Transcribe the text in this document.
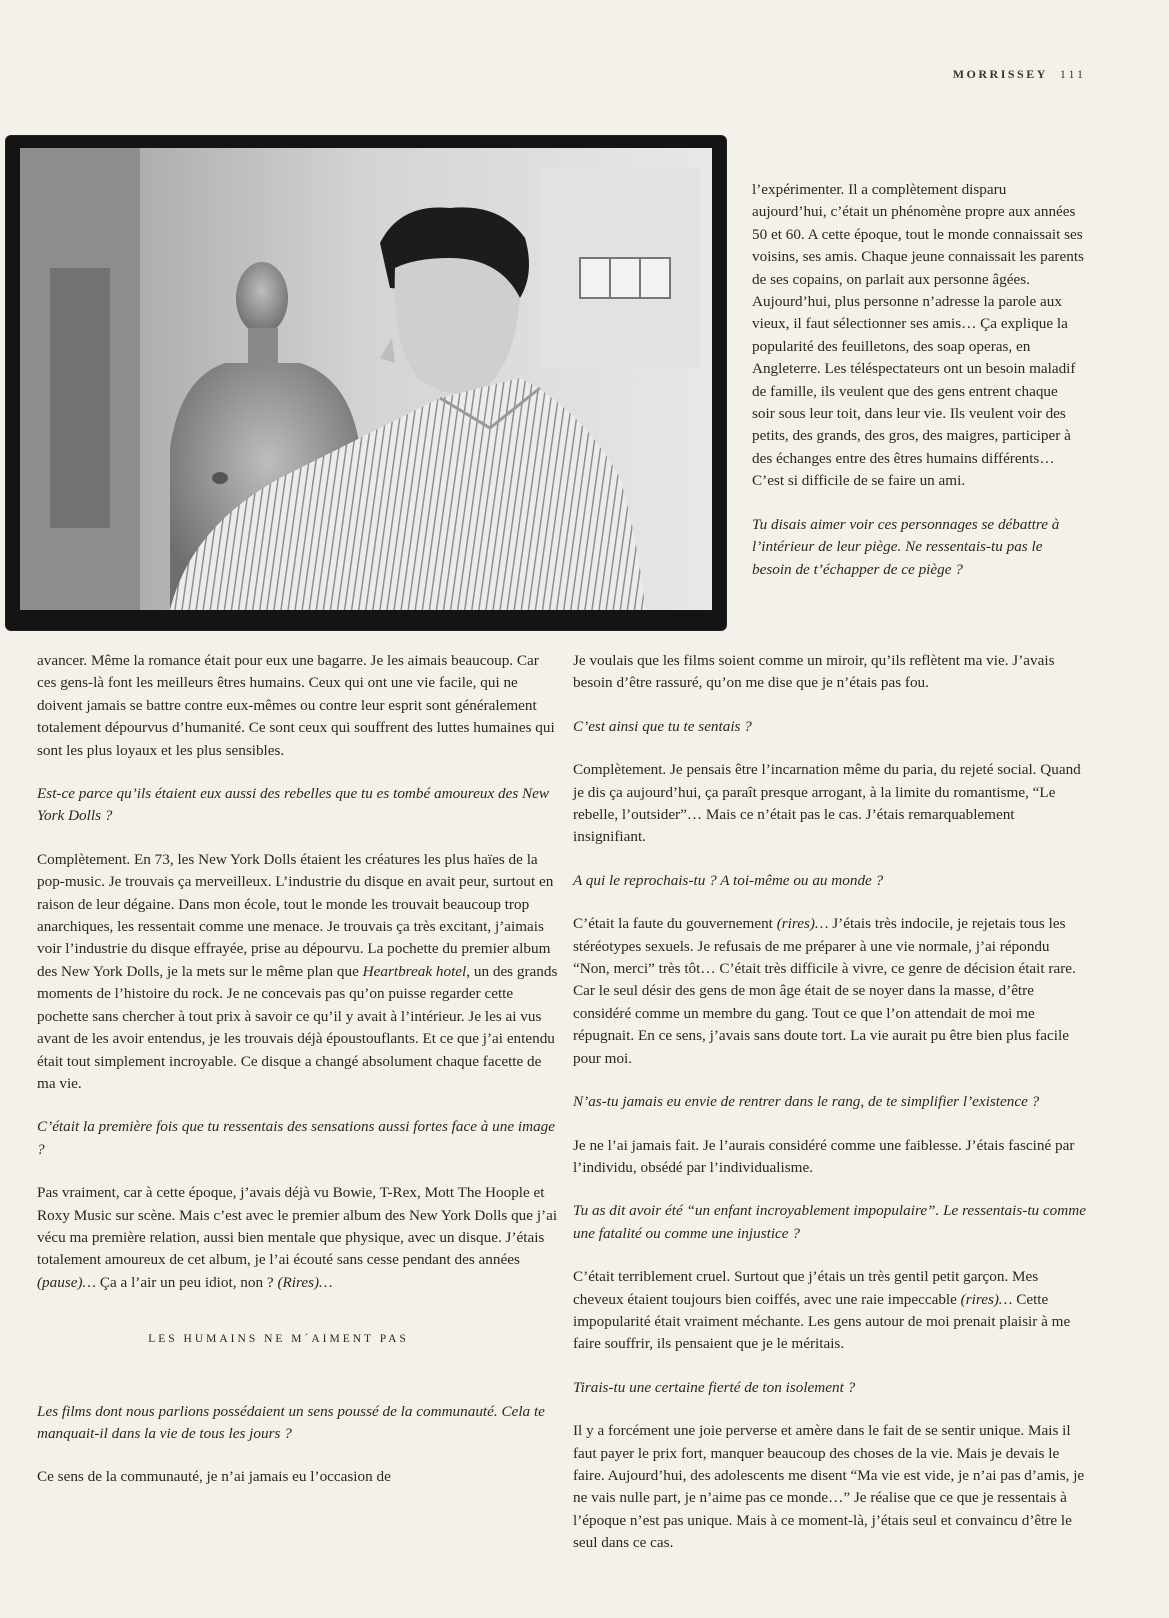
MORRISSEY 111

l’expérimenter. Il a complètement disparu aujourd’hui, c’était un phénomène propre aux années 50 et 60. A cette époque, tout le monde connaissait ses voisins, ses amis. Chaque jeune connaissait les parents de ses copains, on parlait aux personne âgées. Aujourd’hui, plus personne n’adresse la parole aux vieux, il faut sélectionner ses amis… Ça explique la popularité des feuilletons, des soap operas, en Angleterre. Les téléspectateurs ont un besoin maladif de famille, ils veulent que des gens entrent chaque soir sous leur toit, dans leur vie. Ils veulent voir des petits, des grands, des gros, des maigres, participer à des échanges entre des êtres humains différents… C’est si difficile de se faire un ami.

Tu disais aimer voir ces personnages se débattre à l’intérieur de leur piège. Ne ressentais-tu pas le besoin de t’échapper de ce piège ?

avancer. Même la romance était pour eux une bagarre. Je les aimais beaucoup. Car ces gens-là font les meilleurs êtres humains. Ceux qui ont une vie facile, qui ne doivent jamais se battre contre eux-mêmes ou contre leur esprit sont généralement totalement dépourvus d’humanité. Ce sont ceux qui souffrent des luttes humaines qui sont les plus loyaux et les plus sensibles.

Est-ce parce qu’ils étaient eux aussi des rebelles que tu es tombé amoureux des New York Dolls ?

Complètement. En 73, les New York Dolls étaient les créatures les plus haïes de la pop-music. Je trouvais ça merveilleux. L’industrie du disque en avait peur, surtout en raison de leur dégaine. Dans mon école, tout le monde les trouvait beaucoup trop anarchiques, les ressentait comme une menace. Je trouvais ça très excitant, j’aimais voir l’industrie du disque effrayée, prise au dépourvu. La pochette du premier album des New York Dolls, je la mets sur le même plan que Heartbreak hotel, un des grands moments de l’histoire du rock. Je ne concevais pas qu’on puisse regarder cette pochette sans chercher à tout prix à savoir ce qu’il y avait à l’intérieur. Je les ai vus avant de les avoir entendus, je les trouvais déjà époustouflants. Et ce que j’ai entendu était tout simplement incroyable. Ce disque a changé absolument chaque facette de ma vie.

C’était la première fois que tu ressentais des sensations aussi fortes face à une image ?

Pas vraiment, car à cette époque, j’avais déjà vu Bowie, T-Rex, Mott The Hoople et Roxy Music sur scène. Mais c’est avec le premier album des New York Dolls que j’ai vécu ma première relation, aussi bien mentale que physique, avec un disque. J’étais totalement amoureux de cet album, je l’ai écouté sans cesse pendant des années (pause)… Ça a l’air un peu idiot, non ? (Rires)…

LES HUMAINS NE M´AIMENT PAS

Les films dont nous parlions possédaient un sens poussé de la communauté. Cela te manquait-il dans la vie de tous les jours ?

Ce sens de la communauté, je n’ai jamais eu l’occasion de

Je voulais que les films soient comme un miroir, qu’ils reflètent ma vie. J’avais besoin d’être rassuré, qu’on me dise que je n’étais pas fou.

C’est ainsi que tu te sentais ?

Complètement. Je pensais être l’incarnation même du paria, du rejeté social. Quand je dis ça aujourd’hui, ça paraît presque arrogant, à la limite du romantisme, “Le rebelle, l’outsider”… Mais ce n’était pas le cas. J’étais remarquablement insignifiant.

A qui le reprochais-tu ? A toi-même ou au monde ?

C’était la faute du gouvernement (rires)… J’étais très indocile, je rejetais tous les stéréotypes sexuels. Je refusais de me préparer à une vie normale, j’ai répondu “Non, merci” très tôt… C’était très difficile à vivre, ce genre de décision était rare. Car le seul désir des gens de mon âge était de se noyer dans la masse, d’être considéré comme un membre du gang. Tout ce que l’on attendait de moi me répugnait. En ce sens, j’avais sans doute tort. La vie aurait pu être bien plus facile pour moi.

N’as-tu jamais eu envie de rentrer dans le rang, de te simplifier l’existence ?

Je ne l’ai jamais fait. Je l’aurais considéré comme une faiblesse. J’étais fasciné par l’individu, obsédé par l’individualisme.

Tu as dit avoir été “un enfant incroyablement impopulaire”. Le ressentais-tu comme une fatalité ou comme une injustice ?

C’était terriblement cruel. Surtout que j’étais un très gentil petit garçon. Mes cheveux étaient toujours bien coiffés, avec une raie impeccable (rires)… Cette impopularité était vraiment méchante. Les gens autour de moi prenait plaisir à me faire souffrir, ils pensaient que je le méritais.

Tirais-tu une certaine fierté de ton isolement ?

Il y a forcément une joie perverse et amère dans le fait de se sentir unique. Mais il faut payer le prix fort, manquer beaucoup des choses de la vie. Mais je devais le faire. Aujourd’hui, des adolescents me disent “Ma vie est vide, je n’ai pas d’amis, je ne vais nulle part, je n’aime pas ce monde…” Je réalise que ce que je ressentais à l’époque n’est pas unique. Mais à ce moment-là, j’étais seul et convaincu d’être le seul dans ce cas.
